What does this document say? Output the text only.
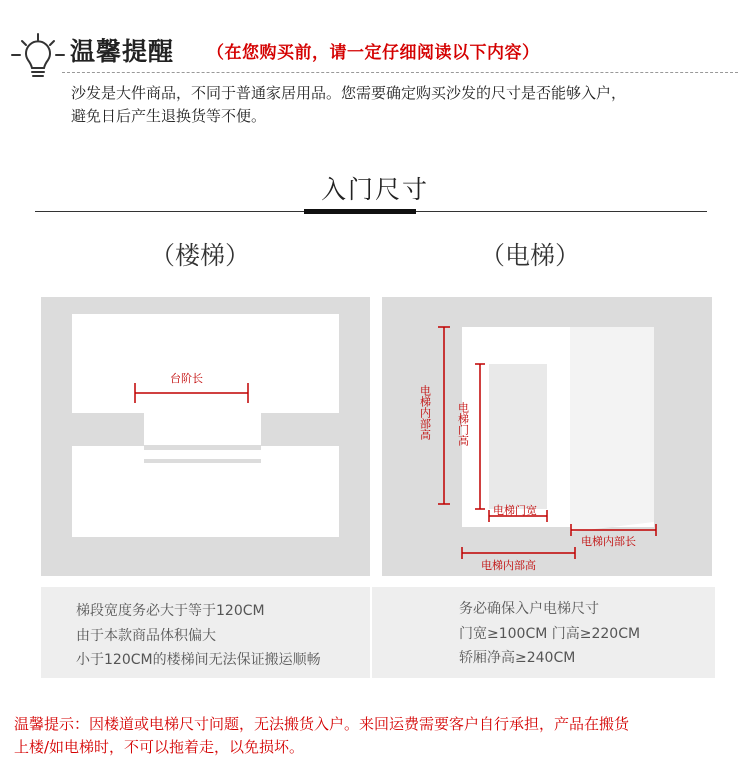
温馨提醒 （在您购买前，请一定仔细阅读以下内容）
沙发是大件商品，不同于普通家居用品。您需要确定购买沙发的尺寸是否能够入户，
避免日后产生退换货等不便。
入门尺寸
（楼梯）	（电梯）
台阶长
梯段宽度务必大于等于120CM
由于本款商品体积偏大
小于120CM的楼梯间无法保证搬运顺畅
电梯内部高 电梯门高
电梯门宽
电梯内部长
电梯内部高
务必确保入户电梯尺寸
门宽≥100CM 门高≥220CM
轿厢净高≥240CM
温馨提示：因楼道或电梯尺寸问题，无法搬货入户。来回运费需要客户自行承担，产品在搬货
上楼/如电梯时，不可以拖着走，以免损坏。
